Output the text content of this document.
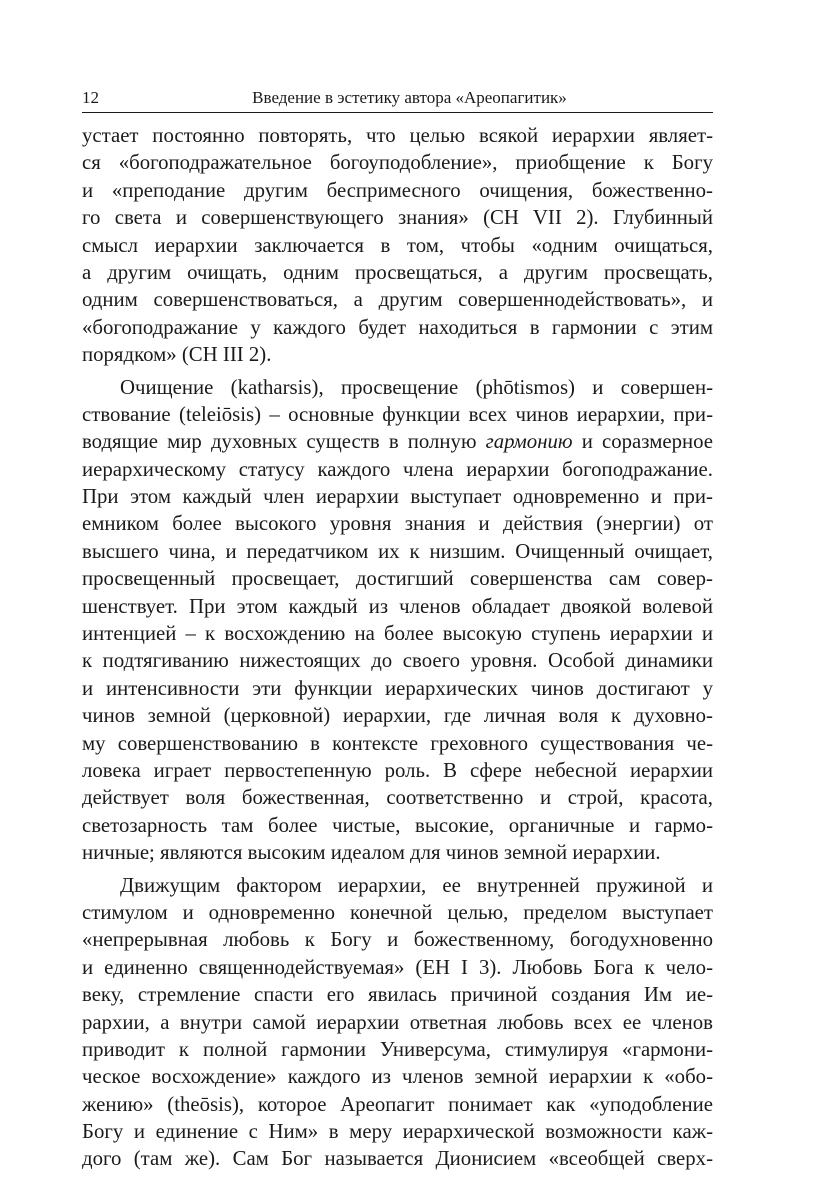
12	Введение в эстетику автора «Ареопагитик»
устает постоянно повторять, что целью всякой иерархии являет-
ся «богоподражательное богоуподобление», приобщение к Богу
и «преподание другим беспримесного очищения, божественно-
го света и совершенствующего знания» (CH VII 2). Глубинный
смысл иерархии заключается в том, чтобы «одним очищаться,
а другим очищать, одним просвещаться, а другим просвещать,
одним совершенствоваться, а другим совершеннодействовать», и
«богоподражание у каждого будет находиться в гармонии с этим
порядком» (CH III 2).
Очищение (katharsis), просвещение (phōtismos) и совершен-
ствование (teleiōsis) – основные функции всех чинов иерархии, при-
водящие мир духовных существ в полную гармонию и соразмерное
иерархическому статусу каждого члена иерархии богоподражание.
При этом каждый член иерархии выступает одновременно и при-
емником более высокого уровня знания и действия (энергии) от
высшего чина, и передатчиком их к низшим. Очищенный очищает,
просвещенный просвещает, достигший совершенства сам совер-
шенствует. При этом каждый из членов обладает двоякой волевой
интенцией – к восхождению на более высокую ступень иерархии и
к подтягиванию нижестоящих до своего уровня. Особой динамики
и интенсивности эти функции иерархических чинов достигают у
чинов земной (церковной) иерархии, где личная воля к духовно-
му совершенствованию в контексте греховного существования че-
ловека играет первостепенную роль. В сфере небесной иерархии
действует воля божественная, соответственно и строй, красота,
светозарность там более чистые, высокие, органичные и гармо-
ничные; являются высоким идеалом для чинов земной иерархии.
Движущим фактором иерархии, ее внутренней пружиной и
стимулом и одновременно конечной целью, пределом выступает
«непрерывная любовь к Богу и божественному, богодухновенно
и единенно священнодействуемая» (EH I 3). Любовь Бога к чело-
веку, стремление спасти его явилась причиной создания Им ие-
рархии, а внутри самой иерархии ответная любовь всех ее членов
приводит к полной гармонии Универсума, стимулируя «гармони-
ческое восхождение» каждого из членов земной иерархии к «обо-
жению» (theōsis), которое Ареопагит понимает как «уподобление
Богу и единение с Ним» в меру иерархической возможности каж-
дого (там же). Сам Бог называется Дионисием «всеобщей сверх-
